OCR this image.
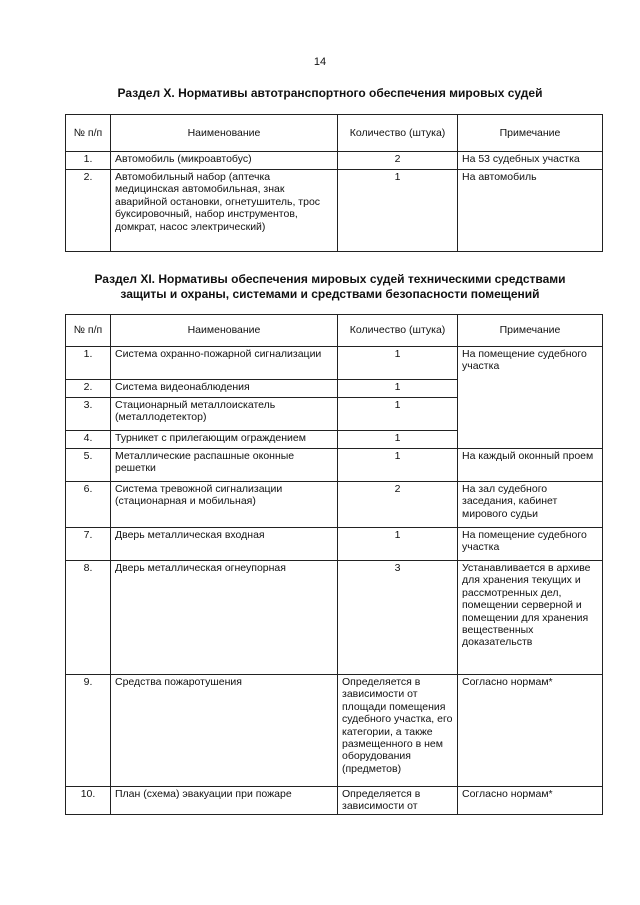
14
Раздел X. Нормативы автотранспортного обеспечения мировых судей
№ п/п	Наименование	Количество (штука)	Примечание
1.	Автомобиль (микроавтобус)	2	На 53 судебных участка
2.	Автомобильный набор (аптечка медицинская автомобильная, знак аварийной остановки, огнетушитель, трос буксировочный, набор инструментов, домкрат, насос электрический)	1	На автомобиль
Раздел XI. Нормативы обеспечения мировых судей техническими средствами
защиты и охраны, системами и средствами безопасности помещений
№ п/п	Наименование	Количество (штука)	Примечание
1.	Система охранно-пожарной сигнализации	1	На помещение судебного участка
2.	Система видеонаблюдения	1	
3.	Стационарный металлоискатель (металлодетектор)	1	
4.	Турникет с прилегающим ограждением	1	
5.	Металлические распашные оконные решетки	1	На каждый оконный проем
6.	Система тревожной сигнализации (стационарная и мобильная)	2	На зал судебного заседания, кабинет мирового судьи
7.	Дверь металлическая входная	1	На помещение судебного участка
8.	Дверь металлическая огнеупорная	3	Устанавливается в архиве для хранения текущих и рассмотренных дел, помещении серверной и помещении для хранения вещественных доказательств
9.	Средства пожаротушения	Определяется в зависимости от площади помещения судебного участка, его категории, а также размещенного в нем оборудования (предметов)	Согласно нормам*
10.	План (схема) эвакуации при пожаре	Определяется в зависимости от	Согласно нормам*
